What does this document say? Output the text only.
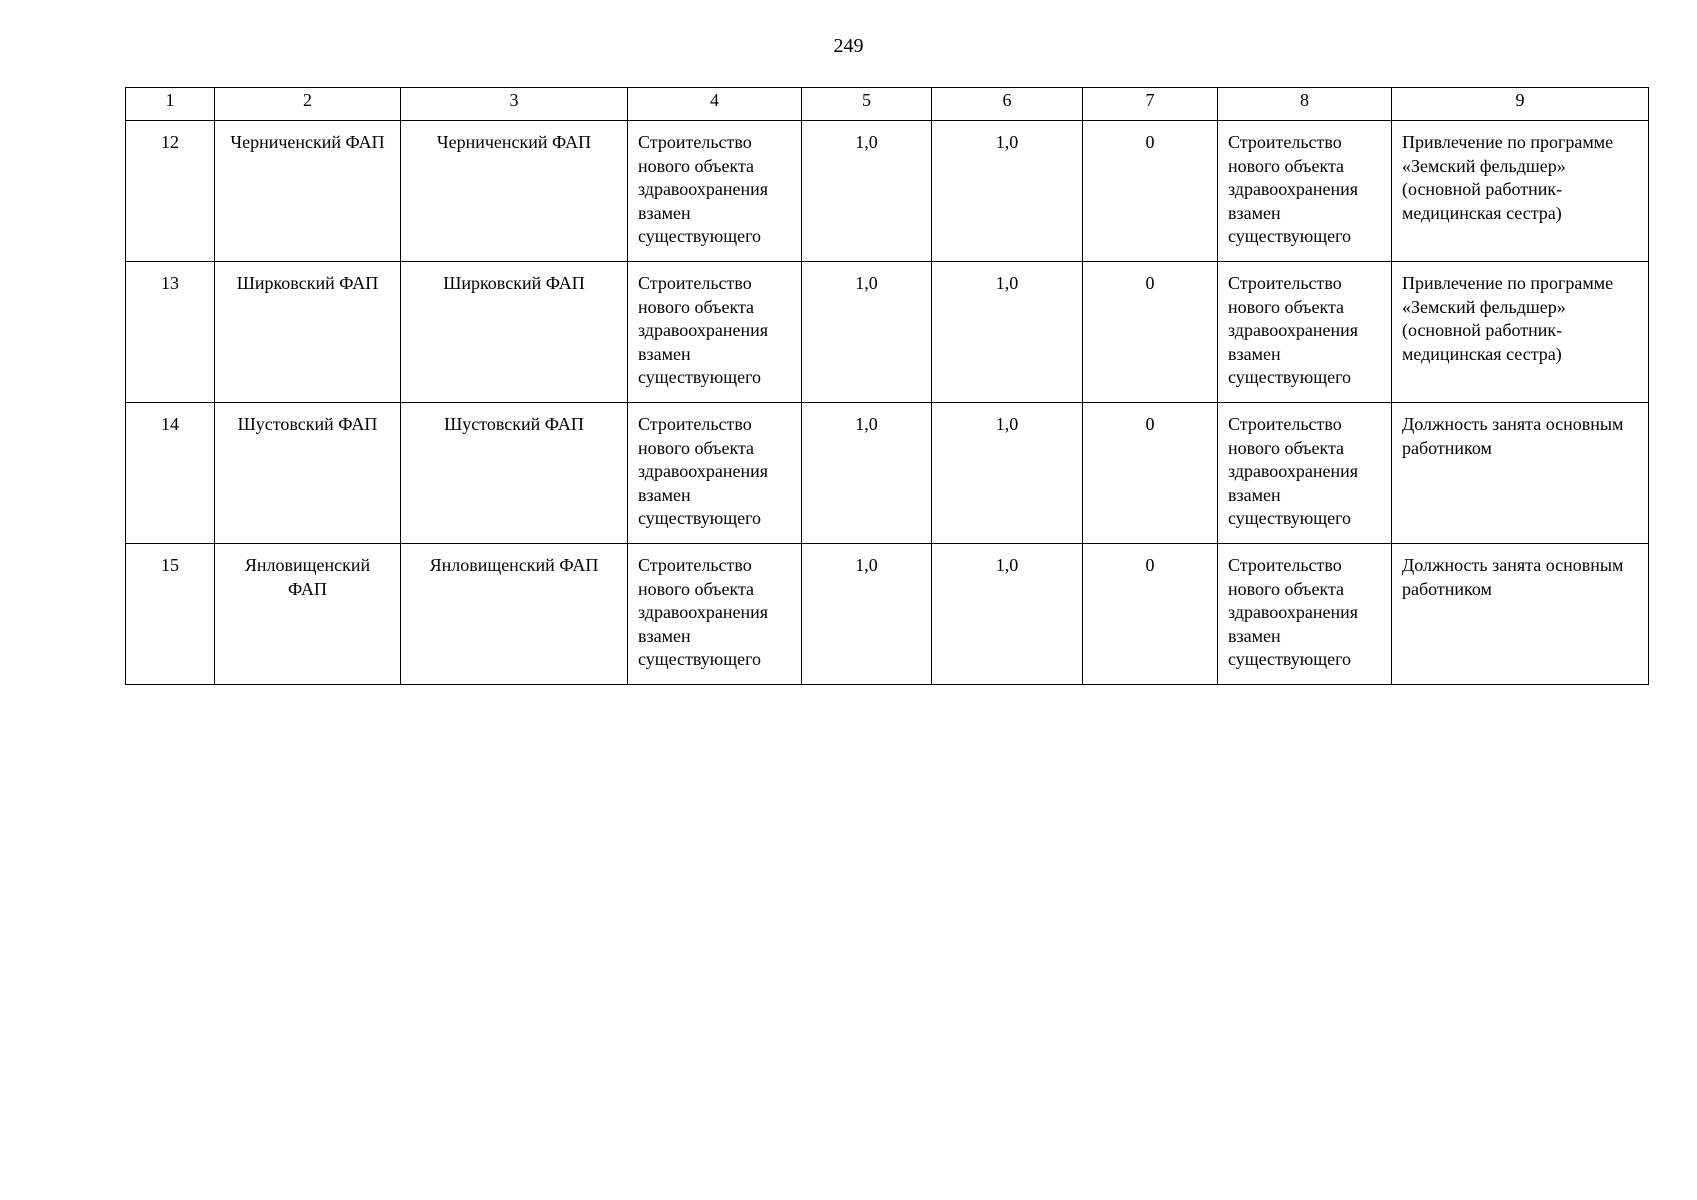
249
1	2	3	4	5	6	7	8	9
12	Черниченский ФАП	Черниченский ФАП	Строительство нового объекта здравоохранения взамен существующего	1,0	1,0	0	Строительство нового объекта здравоохранения взамен существующего	Привлечение по программе «Земский фельдшер» (основной работник- медицинская сестра)
13	Ширковский ФАП	Ширковский ФАП	Строительство нового объекта здравоохранения взамен существующего	1,0	1,0	0	Строительство нового объекта здравоохранения взамен существующего	Привлечение по программе «Земский фельдшер» (основной работник- медицинская сестра)
14	Шустовский ФАП	Шустовский ФАП	Строительство нового объекта здравоохранения взамен существующего	1,0	1,0	0	Строительство нового объекта здравоохранения взамен существующего	Должность занята основным работником
15	Янловищенский ФАП	Янловищенский ФАП	Строительство нового объекта здравоохранения взамен существующего	1,0	1,0	0	Строительство нового объекта здравоохранения взамен существующего	Должность занята основным работником
